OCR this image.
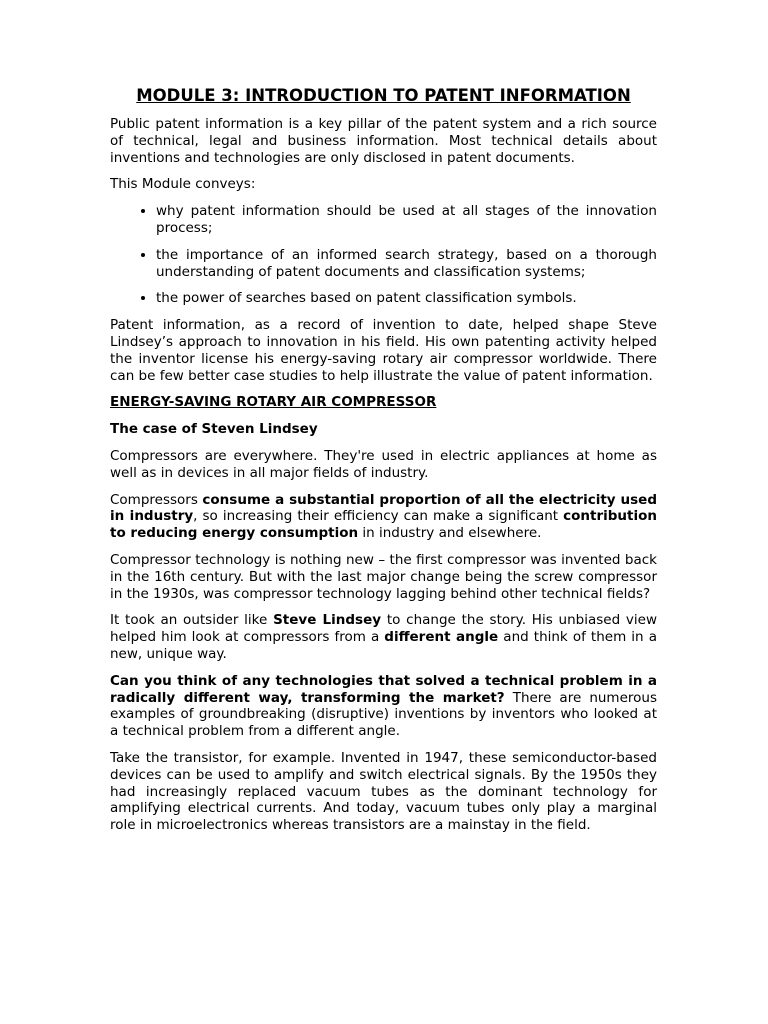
MODULE 3: INTRODUCTION TO PATENT INFORMATION

Public patent information is a key pillar of the patent system and a rich source of technical, legal and business information. Most technical details about inventions and technologies are only disclosed in patent documents.

This Module conveys:

• why patent information should be used at all stages of the innovation process;
• the importance of an informed search strategy, based on a thorough understanding of patent documents and classification systems;
• the power of searches based on patent classification symbols.

Patent information, as a record of invention to date, helped shape Steve Lindsey’s approach to innovation in his field. His own patenting activity helped the inventor license his energy-saving rotary air compressor worldwide. There can be few better case studies to help illustrate the value of patent information.

ENERGY-SAVING ROTARY AIR COMPRESSOR

The case of Steven Lindsey

Compressors are everywhere. They're used in electric appliances at home as well as in devices in all major fields of industry.

Compressors consume a substantial proportion of all the electricity used in industry, so increasing their efficiency can make a significant contribution to reducing energy consumption in industry and elsewhere.

Compressor technology is nothing new – the first compressor was invented back in the 16th century. But with the last major change being the screw compressor in the 1930s, was compressor technology lagging behind other technical fields?

It took an outsider like Steve Lindsey to change the story. His unbiased view helped him look at compressors from a different angle and think of them in a new, unique way.

Can you think of any technologies that solved a technical problem in a radically different way, transforming the market? There are numerous examples of groundbreaking (disruptive) inventions by inventors who looked at a technical problem from a different angle.

Take the transistor, for example. Invented in 1947, these semiconductor-based devices can be used to amplify and switch electrical signals. By the 1950s they had increasingly replaced vacuum tubes as the dominant technology for amplifying electrical currents. And today, vacuum tubes only play a marginal role in microelectronics whereas transistors are a mainstay in the field.
